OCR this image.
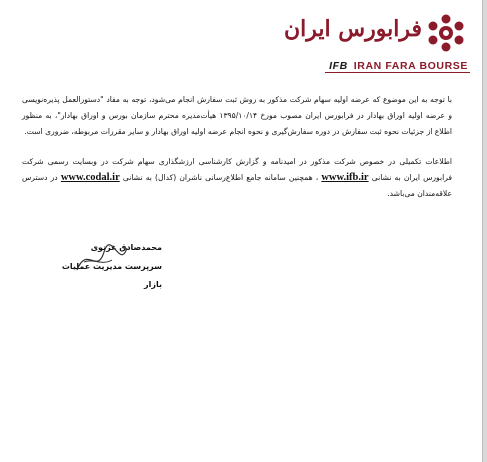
فرابورس ایران
IFB IRAN FARA BOURSE

با توجه به این موضوع که عرضه اولیه سهام شرکت مذکور به روش ثبت سفارش انجام می‌شود، توجه به مفاد "دستورالعمل پذیره‌نویسی و عرضه اولیه اوراق بهادار در فرابورس ایران مصوب مورخ ۱۳۹۵/۱۰/۱۴ هیأت‌مدیره محترم سازمان بورس و اوراق بهادار"، به منظور اطلاع از جزئیات نحوه ثبت سفارش در دوره سفارش‌گیری و نحوه انجام عرضه اولیه اوراق بهادار و سایر مقررات مربوطه، ضروری است.

اطلاعات تکمیلی در خصوص شرکت مذکور در امیدنامه و گزارش کارشناسی ارزشگذاری سهام شرکت در وبسایت رسمی شرکت فرابورس ایران به نشانی www.ifb.ir ، همچنین سامانه جامع اطلاع‌رسانی ناشران (کدال) به نشانی www.codal.ir در دسترس علاقه‌مندان می‌باشد.

محمدصادق غزنوی
سرپرست مدیریت عملیات بازار
